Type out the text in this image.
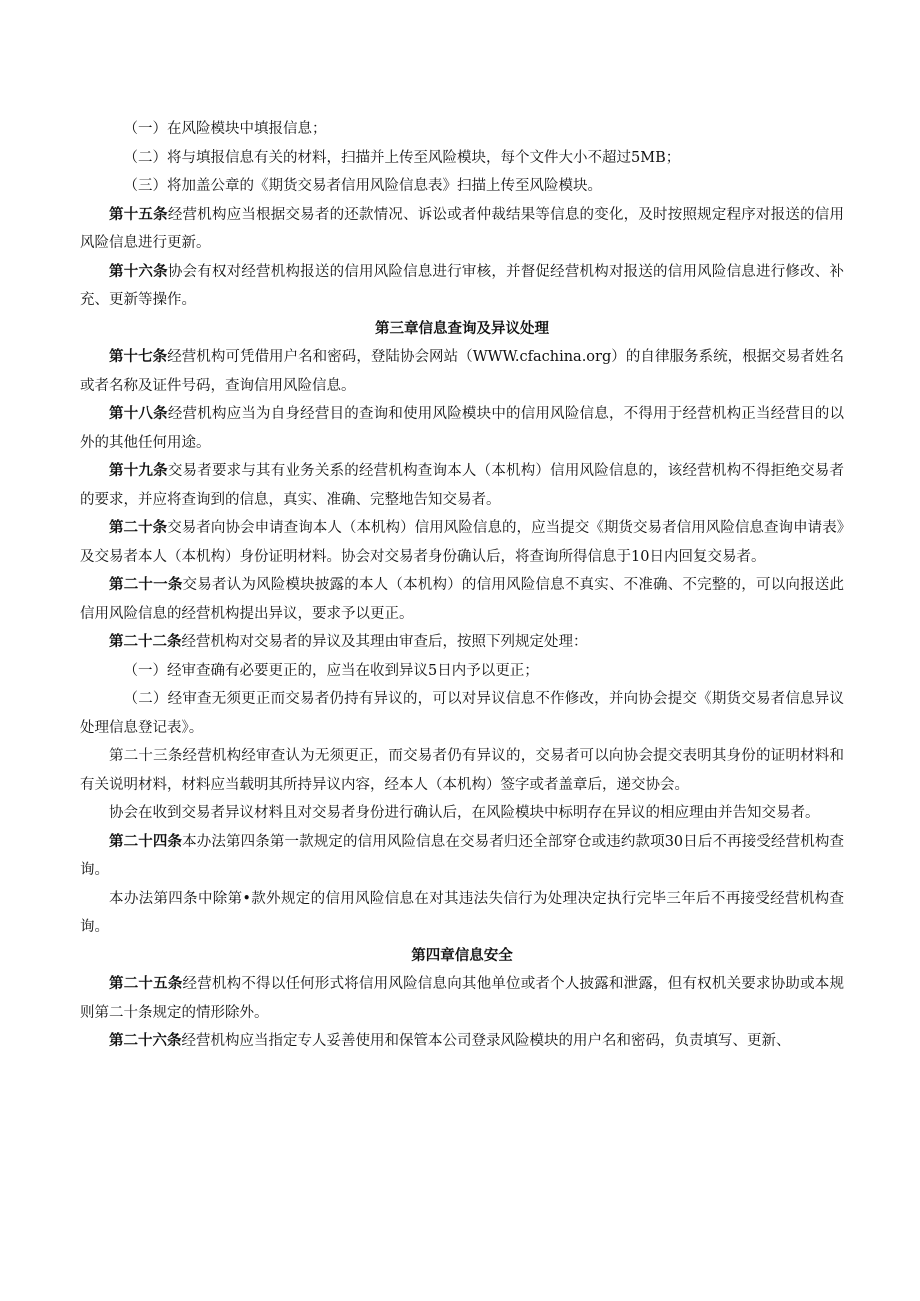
（一）在风险模块中填报信息；

（二）将与填报信息有关的材料，扫描并上传至风险模块，每个文件大小不超过5MB；

（三）将加盖公章的《期货交易者信用风险信息表》扫描上传至风险模块。

第十五条经营机构应当根据交易者的还款情况、诉讼或者仲裁结果等信息的变化，及时按照规定程序对报送的信用风险信息进行更新。

第十六条协会有权对经营机构报送的信用风险信息进行审核，并督促经营机构对报送的信用风险信息进行修改、补充、更新等操作。

第三章信息查询及异议处理

第十七条经营机构可凭借用户名和密码，登陆协会网站（WWW.cfachina.org）的自律服务系统，根据交易者姓名或者名称及证件号码，查询信用风险信息。

第十八条经营机构应当为自身经营目的查询和使用风险模块中的信用风险信息，不得用于经营机构正当经营目的以外的其他任何用途。

第十九条交易者要求与其有业务关系的经营机构查询本人（本机构）信用风险信息的，该经营机构不得拒绝交易者的要求，并应将查询到的信息，真实、准确、完整地告知交易者。

第二十条交易者向协会申请查询本人（本机构）信用风险信息的，应当提交《期货交易者信用风险信息查询申请表》及交易者本人（本机构）身份证明材料。协会对交易者身份确认后，将查询所得信息于10日内回复交易者。

第二十一条交易者认为风险模块披露的本人（本机构）的信用风险信息不真实、不准确、不完整的，可以向报送此信用风险信息的经营机构提出异议，要求予以更正。

第二十二条经营机构对交易者的异议及其理由审查后，按照下列规定处理：

（一）经审查确有必要更正的，应当在收到异议5日内予以更正；

（二）经审查无须更正而交易者仍持有异议的，可以对异议信息不作修改，并向协会提交《期货交易者信息异议处理信息登记表》。

第二十三条经营机构经审查认为无须更正，而交易者仍有异议的，交易者可以向协会提交表明其身份的证明材料和有关说明材料，材料应当载明其所持异议内容，经本人（本机构）签字或者盖章后，递交协会。

协会在收到交易者异议材料且对交易者身份进行确认后，在风险模块中标明存在异议的相应理由并告知交易者。

第二十四条本办法第四条第一款规定的信用风险信息在交易者归还全部穿仓或违约款项30日后不再接受经营机构查询。

本办法第四条中除第•款外规定的信用风险信息在对其违法失信行为处理决定执行完毕三年后不再接受经营机构查询。

第四章信息安全

第二十五条经营机构不得以任何形式将信用风险信息向其他单位或者个人披露和泄露，但有权机关要求协助或本规则第二十条规定的情形除外。

第二十六条经营机构应当指定专人妥善使用和保管本公司登录风险模块的用户名和密码，负责填写、更新、
